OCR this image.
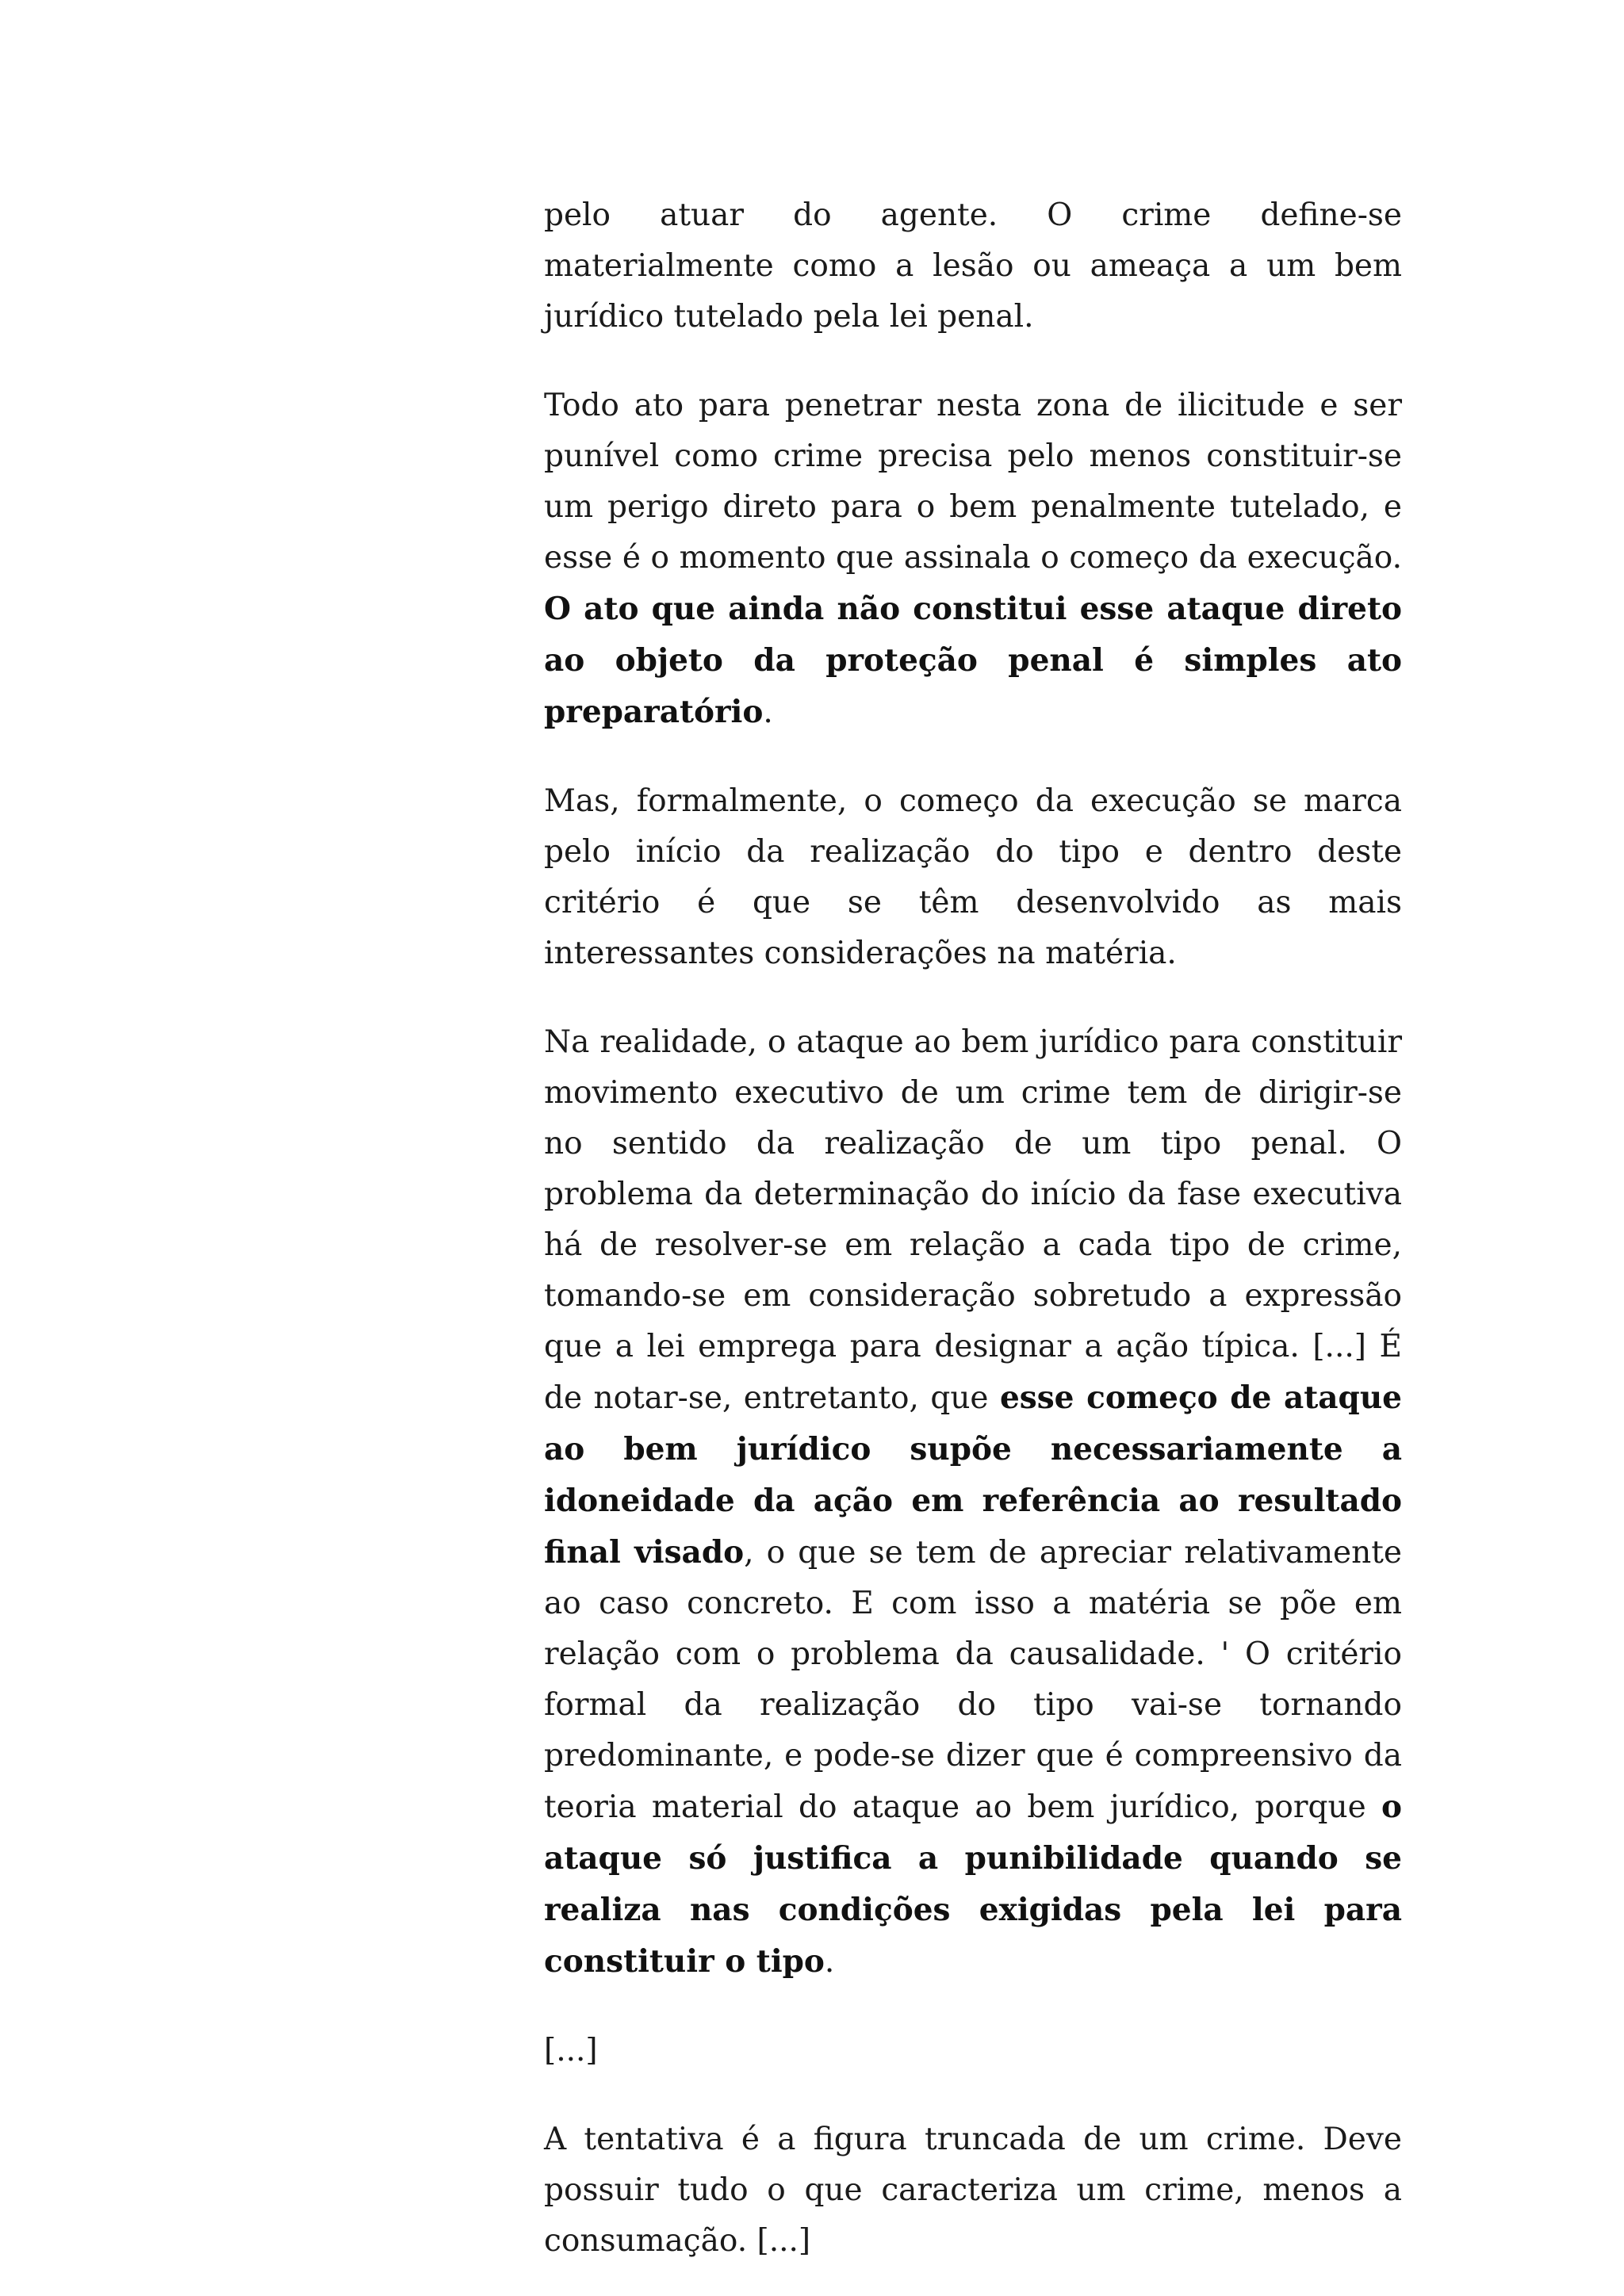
pelo atuar do agente. O crime define-se materialmente como a lesão ou ameaça a um bem jurídico tutelado pela lei penal.

Todo ato para penetrar nesta zona de ilicitude e ser punível como crime precisa pelo menos constituir-se um perigo direto para o bem penalmente tutelado, e esse é o momento que assinala o começo da execução. O ato que ainda não constitui esse ataque direto ao objeto da proteção penal é simples ato preparatório.

Mas, formalmente, o começo da execução se marca pelo início da realização do tipo e dentro deste critério é que se têm desenvolvido as mais interessantes considerações na matéria.

Na realidade, o ataque ao bem jurídico para constituir movimento executivo de um crime tem de dirigir-se no sentido da realização de um tipo penal. O problema da determinação do início da fase executiva há de resolver-se em relação a cada tipo de crime, tomando-se em consideração sobretudo a expressão que a lei emprega para designar a ação típica. [...] É de notar-se, entretanto, que esse começo de ataque ao bem jurídico supõe necessariamente a idoneidade da ação em referência ao resultado final visado, o que se tem de apreciar relativamente ao caso concreto. E com isso a matéria se põe em relação com o problema da causalidade. ' O critério formal da realização do tipo vai-se tornando predominante, e pode-se dizer que é compreensivo da teoria material do ataque ao bem jurídico, porque o ataque só justifica a punibilidade quando se realiza nas condições exigidas pela lei para constituir o tipo.

[...]

A tentativa é a figura truncada de um crime. Deve possuir tudo o que caracteriza um crime, menos a consumação. [...]
